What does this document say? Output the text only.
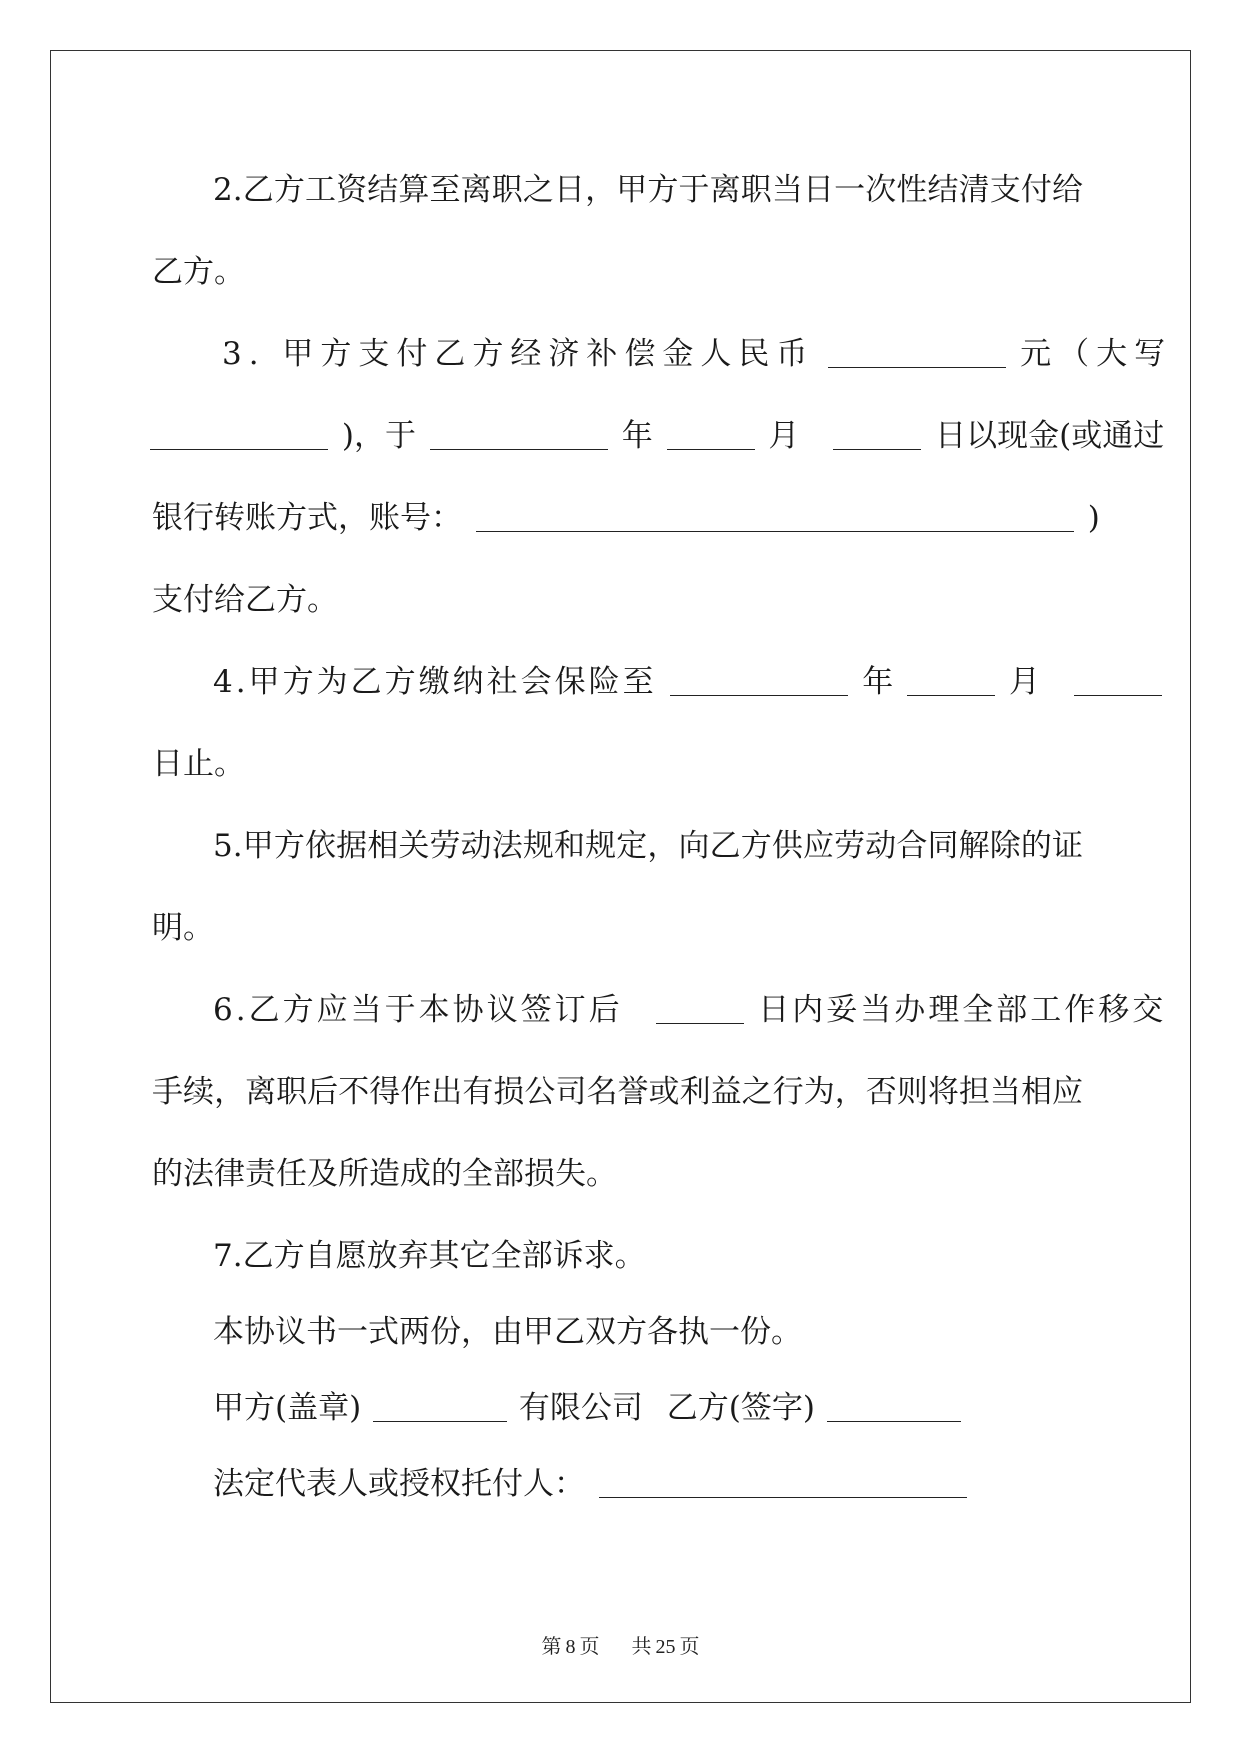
2.乙方工资结算至离职之日，甲方于离职当日一次性结清支付给
乙方。
3. 甲方支付乙方经济补偿金人民币	元（大写
)，于	年	月	日以现金(或通过
银行转账方式，账号：	)
支付给乙方。
4.甲方为乙方缴纳社会保险至	年	月
日止。
5.甲方依据相关劳动法规和规定，向乙方供应劳动合同解除的证
明。
6.乙方应当于本协议签订后	日内妥当办理全部工作移交
手续，离职后不得作出有损公司名誉或利益之行为，否则将担当相应
的法律责任及所造成的全部损失。
7.乙方自愿放弃其它全部诉求。
本协议书一式两份，由甲乙双方各执一份。
甲方(盖章)	有限公司 乙方(签字)
法定代表人或授权托付人：
第 8 页 共 25 页
